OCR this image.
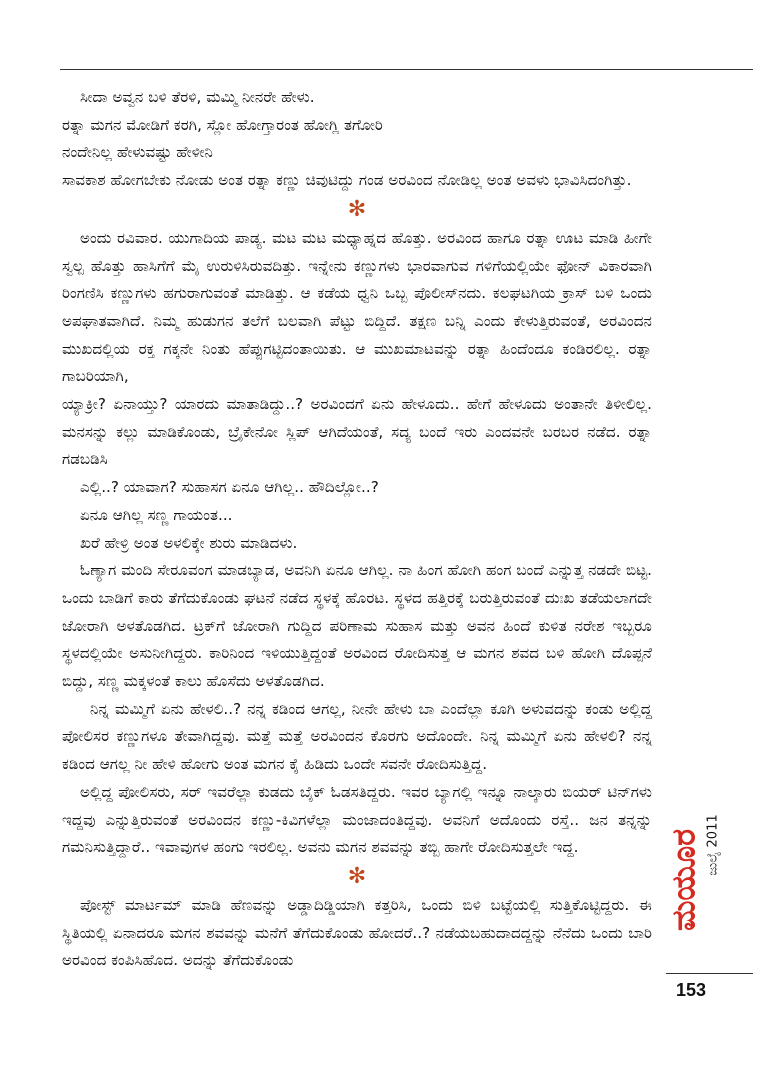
ಸೀದಾ ಅವ್ವನ ಬಳಿ ತೆರಳಿ, ಮಮ್ಮಿ ನೀನರೇ ಹೇಳು.

ರತ್ನಾ ಮಗನ ಮೋಡಿಗೆ ಕರಗಿ, ಸ್ಲೋ ಹೋಗ್ತಾರಂತ ಹೋಗ್ಲಿ ತಗೋರಿ

ನಂದೇನಿಲ್ಲ ಹೇಳುವಷ್ಟು ಹೇಳೀನಿ

ಸಾವಕಾಶ ಹೋಗಬೇಕು ನೋಡು ಅಂತ ರತ್ನಾ ಕಣ್ಣು ಚಿವುಟಿದ್ದು ಗಂಡ ಅರವಿಂದ ನೋಡಿಲ್ಲ ಅಂತ ಅವಳು ಭಾವಿಸಿದಂಗಿತ್ತು.

✻

ಅಂದು ರವಿವಾರ. ಯುಗಾದಿಯ ಪಾಡ್ಯ. ಮಟ ಮಟ ಮಧ್ಯಾಹ್ನದ ಹೊತ್ತು. ಅರವಿಂದ ಹಾಗೂ ರತ್ನಾ ಊಟ ಮಾಡಿ ಹೀಗೇ ಸ್ವಲ್ಪ ಹೊತ್ತು ಹಾಸಿಗೆಗೆ ಮೈ ಉರುಳಿಸಿರುವದಿತ್ತು. ಇನ್ನೇನು ಕಣ್ಣುಗಳು ಭಾರವಾಗುವ ಗಳಿಗೆಯಲ್ಲಿಯೇ ಫೋನ್ ವಿಕಾರವಾಗಿ ರಿಂಗಣಿಸಿ ಕಣ್ಣುಗಳು ಹಗುರಾಗುವಂತೆ ಮಾಡಿತ್ತು. ಆ ಕಡೆಯ ಧ್ವನಿ ಒಬ್ಬ ಪೊಲೀಸ್‌ನದು. ಕಲಘಟಗಿಯ ಕ್ರಾಸ್ ಬಳಿ ಒಂದು ಅಪಘಾತವಾಗಿದೆ. ನಿಮ್ಮ ಹುಡುಗನ ತಲೆಗೆ ಬಲವಾಗಿ ಪೆಟ್ಟು ಬಿದ್ದಿದೆ. ತಕ್ಷಣ ಬನ್ನಿ ಎಂದು ಕೇಳುತ್ತಿರುವಂತೆ, ಅರವಿಂದನ ಮುಖದಲ್ಲಿಯ ರಕ್ತ ಗಕ್ಕನೇ ನಿಂತು ಹೆಪ್ಪುಗಟ್ಟಿದಂತಾಯಿತು. ಆ ಮುಖಮಾಟವನ್ನು ರತ್ನಾ ಹಿಂದೆಂದೂ ಕಂಡಿರಲಿಲ್ಲ. ರತ್ನಾ ಗಾಬರಿಯಾಗಿ,

ಯ್ಯಾಕ್ರೀ? ಏನಾಯ್ತು? ಯಾರದು ಮಾತಾಡಿದ್ದು..? ಅರವಿಂದಗೆ ಏನು ಹೇಳೂದು.. ಹೇಗೆ ಹೇಳೂದು ಅಂತಾನೇ ತಿಳೀಲಿಲ್ಲ. ಮನಸನ್ನು ಕಲ್ಲು ಮಾಡಿಕೊಂಡು, ಬ್ರೈಕೇನೋ ಸ್ಲಿಪ್ ಆಗಿದೆಯಂತೆ, ಸದ್ಯ ಬಂದೆ ಇರು ಎಂದವನೇ ಬರಬರ ನಡೆದ. ರತ್ನಾ ಗಡಬಡಿಸಿ

ಎಲ್ಲಿ..? ಯಾವಾಗ? ಸುಹಾಸಗ ಏನೂ ಆಗಿಲ್ಲ.. ಹೌದಿಲ್ಲೋ..?

ಏನೂ ಆಗಿಲ್ಲ ಸಣ್ಣ ಗಾಯಂತ...

ಖರೆ ಹೇಳ್ರಿ ಅಂತ ಅಳಲಿಕ್ಕೇ ಶುರು ಮಾಡಿದಳು.

ಓಣ್ಯಾಗ ಮಂದಿ ಸೇರೂವಂಗ ಮಾಡಬ್ಯಾಡ, ಅವನಿಗಿ ಏನೂ ಆಗಿಲ್ಲ. ನಾ ಹಿಂಗ ಹೋಗಿ ಹಂಗ ಬಂದೆ ಎನ್ನುತ್ತ ನಡದೇ ಬಿಟ್ಟ. ಒಂದು ಬಾಡಿಗೆ ಕಾರು ತೆಗೆದುಕೊಂಡು ಘಟನೆ ನಡೆದ ಸ್ಥಳಕ್ಕೆ ಹೊರಟ. ಸ್ಥಳದ ಹತ್ತಿರಕ್ಕೆ ಬರುತ್ತಿರುವಂತೆ ದುಃಖ ತಡೆಯಲಾಗದೇ ಜೋರಾಗಿ ಅಳತೊಡಗಿದ. ಟ್ರಕ್‌ಗೆ ಜೋರಾಗಿ ಗುದ್ದಿದ ಪರಿಣಾಮ ಸುಹಾಸ ಮತ್ತು ಅವನ ಹಿಂದೆ ಕುಳಿತ ನರೇಶ ಇಬ್ಬರೂ ಸ್ಥಳದಲ್ಲಿಯೇ ಅಸುನೀಗಿದ್ದರು. ಕಾರಿನಿಂದ ಇಳಿಯುತ್ತಿದ್ದಂತೆ ಅರವಿಂದ ರೋದಿಸುತ್ತ ಆ ಮಗನ ಶವದ ಬಳಿ ಹೋಗಿ ದೊಪ್ಪನೆ ಬಿದ್ದು, ಸಣ್ಣ ಮಕ್ಕಳಂತೆ ಕಾಲು ಹೊಸೆದು ಅಳತೊಡಗಿದ.

ನಿನ್ನ ಮಮ್ಮಿಗೆ ಏನು ಹೇಳಲಿ..? ನನ್ನ ಕಡಿಂದ ಆಗಲ್ಲ, ನೀನೇ ಹೇಳು ಬಾ ಎಂದೆಲ್ಲಾ ಕೂಗಿ ಅಳುವದನ್ನು ಕಂಡು ಅಲ್ಲಿದ್ದ ಪೋಲಿಸರ ಕಣ್ಣುಗಳೂ ತೇವಾಗಿದ್ದವು. ಮತ್ತೆ ಮತ್ತೆ ಅರವಿಂದನ ಕೊರಗು ಅದೊಂದೇ. ನಿನ್ನ ಮಮ್ಮಿಗೆ ಏನು ಹೇಳಲಿ? ನನ್ನ ಕಡಿಂದ ಆಗಲ್ಲ ನೀ ಹೇಳಿ ಹೋಗು ಅಂತ ಮಗನ ಕೈ ಹಿಡಿದು ಒಂದೇ ಸವನೇ ರೋದಿಸುತ್ತಿದ್ದ.

ಅಲ್ಲಿದ್ದ ಪೋಲಿಸರು, ಸರ್ ಇವರೆಲ್ಲಾ ಕುಡದು ಬೈಕ್ ಓಡಸತಿದ್ದರು. ಇವರ ಬ್ಯಾಗಲ್ಲಿ ಇನ್ನೂ ನಾಲ್ಕಾರು ಬಿಯರ್ ಟಿನ್‌ಗಳು ಇದ್ದವು ಎನ್ನುತ್ತಿರುವಂತೆ ಅರವಿಂದನ ಕಣ್ಣು-ಕಿವಿಗಳೆಲ್ಲಾ ಮಂಜಾದಂತಿದ್ದವು. ಅವನಿಗೆ ಅದೊಂದು ರಸ್ತೆ.. ಜನ ತನ್ನನ್ನು ಗಮನಿಸುತ್ತಿದ್ದಾರೆ.. ಇವಾವುಗಳ ಹಂಗು ಇರಲಿಲ್ಲ. ಅವನು ಮಗನ ಶವವನ್ನು ತಬ್ಬಿ ಹಾಗೇ ರೋದಿಸುತ್ತಲೇ ಇದ್ದ.

✻

ಪೋಸ್ಟ್ ಮಾರ್ಟಮ್ ಮಾಡಿ ಹೆಣವನ್ನು ಅಡ್ಡಾದಿಡ್ಡಿಯಾಗಿ ಕತ್ತರಿಸಿ, ಒಂದು ಬಿಳಿ ಬಟ್ಟೆಯಲ್ಲಿ ಸುತ್ತಿಕೊಟ್ಟಿದ್ದರು. ಈ ಸ್ಥಿತಿಯಲ್ಲಿ ಏನಾದರೂ ಮಗನ ಶವವನ್ನು ಮನೆಗೆ ತೆಗೆದುಕೊಂಡು ಹೋದರೆ..? ನಡೆಯಬಹುದಾದದ್ದನ್ನು ನೆನೆದು ಒಂದು ಬಾರಿ ಅರವಿಂದ ಕಂಪಿಸಿಹೊದ. ಅದನ್ನು ತೆಗೆದುಕೊಂಡು

ಮಯೂರ ಜುಲೈ 2011
153
